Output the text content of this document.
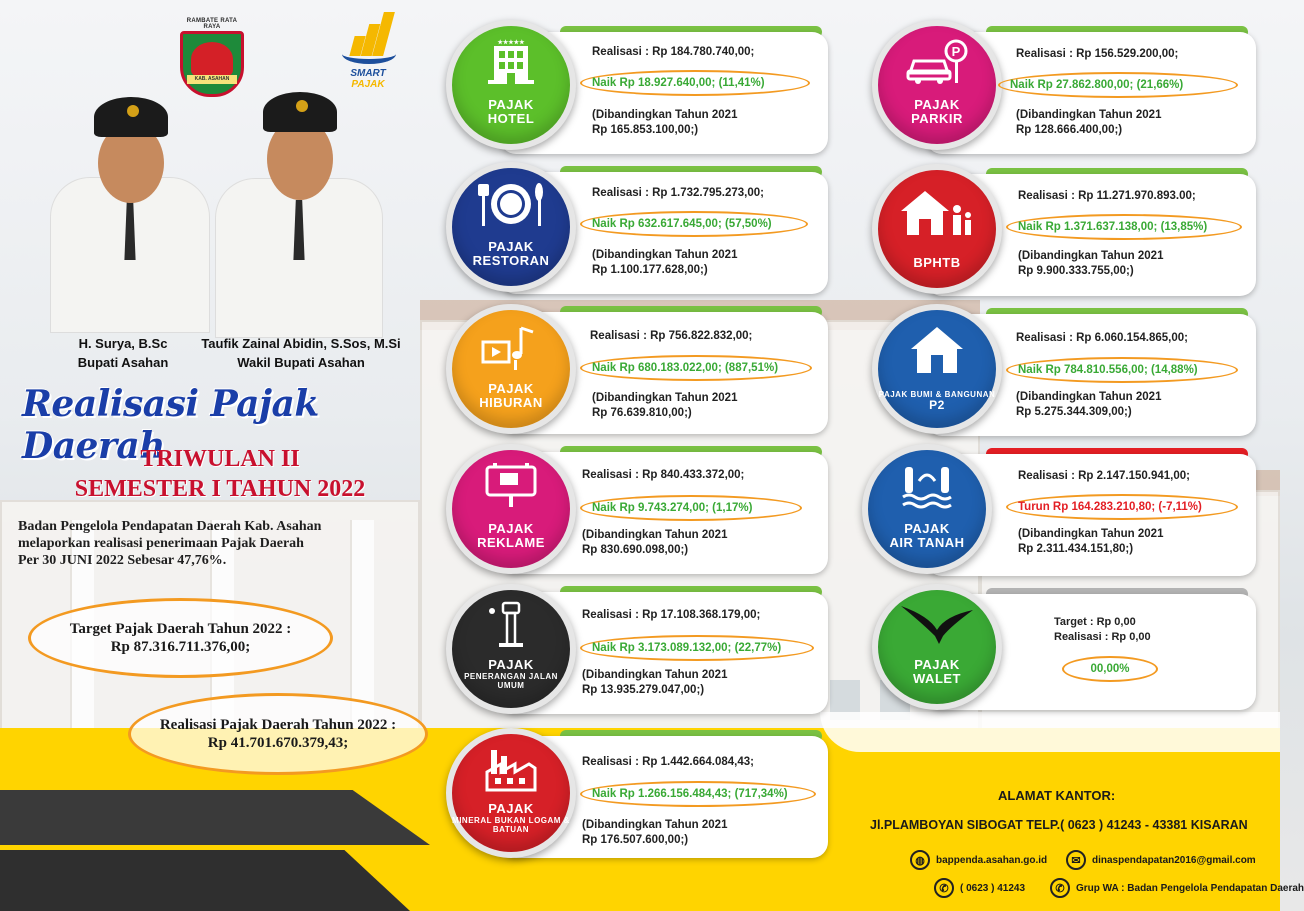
RAMBATE RATA RAYA
KAB. ASAHAN	SMART PAJAK
H. Surya, B.Sc
Bupati Asahan
Taufik Zainal Abidin, S.Sos, M.Si
Wakil Bupati Asahan
Realisasi Pajak Daerah
TRIWULAN II
SEMESTER I TAHUN 2022
Badan Pengelola Pendapatan Daerah Kab. Asahan
melaporkan realisasi penerimaan Pajak Daerah
Per 30 JUNI 2022 Sebesar 47,76%.
Target Pajak Daerah Tahun 2022 :
Rp 87.316.711.376,00;
Realisasi Pajak Daerah Tahun 2022 :
Rp 41.701.670.379,43;
★★★★★
PAJAK
HOTEL
Realisasi : Rp 184.780.740,00;
Naik Rp 18.927.640,00; (11,41%)
(Dibandingkan Tahun 2021
Rp 165.853.100,00;)
PAJAK
RESTORAN
Realisasi : Rp 1.732.795.273,00;
Naik Rp 632.617.645,00; (57,50%)
(Dibandingkan Tahun 2021
Rp 1.100.177.628,00;)
PAJAK
HIBURAN
Realisasi : Rp 756.822.832,00;
Naik Rp 680.183.022,00; (887,51%)
(Dibandingkan Tahun 2021
Rp 76.639.810,00;)
PAJAK
REKLAME
Realisasi : Rp 840.433.372,00;
Naik Rp 9.743.274,00; (1,17%)
(Dibandingkan Tahun 2021
Rp 830.690.098,00;)
PAJAK
PENERANGAN JALAN UMUM
Realisasi : Rp 17.108.368.179,00;
Naik Rp 3.173.089.132,00; (22,77%)
(Dibandingkan Tahun 2021
Rp 13.935.279.047,00;)
PAJAK
MINERAL BUKAN LOGAM & BATUAN
Realisasi : Rp 1.442.664.084,43;
Naik Rp 1.266.156.484,43; (717,34%)
(Dibandingkan Tahun 2021
Rp 176.507.600,00;)
P
PAJAK
PARKIR
Realisasi : Rp 156.529.200,00;
Naik Rp 27.862.800,00; (21,66%)
(Dibandingkan Tahun 2021
Rp 128.666.400,00;)
BPHTB
Realisasi : Rp 11.271.970.893.00;
Naik Rp 1.371.637.138,00; (13,85%)
(Dibandingkan Tahun 2021
Rp 9.900.333.755,00;)
PAJAK BUMI & BANGUNAN
P2
Realisasi : Rp 6.060.154.865,00;
Naik Rp 784.810.556,00; (14,88%)
(Dibandingkan Tahun 2021
Rp 5.275.344.309,00;)
PAJAK
AIR TANAH
Realisasi : Rp 2.147.150.941,00;
Turun Rp 164.283.210,80; (-7,11%)
(Dibandingkan Tahun 2021
Rp 2.311.434.151,80;)
PAJAK
WALET
Target : Rp 0,00
Realisasi : Rp 0,00
00,00%
ALAMAT KANTOR:
Jl.PLAMBOYAN SIBOGAT TELP.( 0623 ) 41243 - 43381 KISARAN
◍	bappenda.asahan.go.id	✉	dinaspendapatan2016@gmail.com
✆	( 0623 ) 41243	✆	Grup WA : Badan Pengelola Pendapatan Daerah
